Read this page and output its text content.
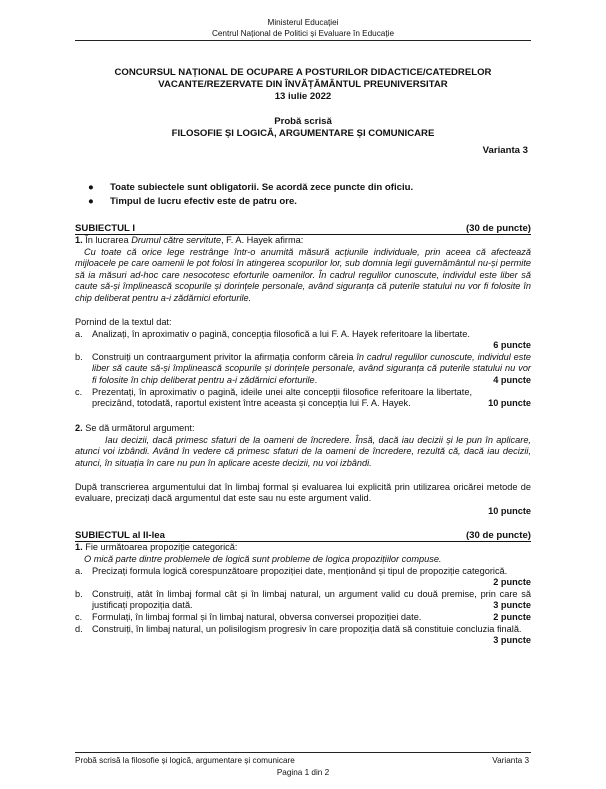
Ministerul Educației
Centrul Național de Politici și Evaluare în Educație
CONCURSUL NAȚIONAL DE OCUPARE A POSTURILOR DIDACTICE/CATEDRELOR
VACANTE/REZERVATE DIN ÎNVĂȚĂMÂNTUL PREUNIVERSITAR
13 iulie 2022
Probă scrisă
FILOSOFIE ȘI LOGICĂ, ARGUMENTARE ȘI COMUNICARE
Varianta 3
● Toate subiectele sunt obligatorii. Se acordă zece puncte din oficiu.
● Timpul de lucru efectiv este de patru ore.
SUBIECTUL I	(30 de puncte)
1. În lucrarea Drumul către servitute, F. A. Hayek afirma:
Cu toate că orice lege restrânge într-o anumită măsură acțiunile individuale, prin aceea că afectează mijloacele pe care oamenii le pot folosi în atingerea scopurilor lor, sub domnia legii guvernământul nu-și permite să ia măsuri ad-hoc care nesocotesc eforturile oamenilor. În cadrul regulilor cunoscute, individul este liber să caute să-și împlinească scopurile și dorințele personale, având siguranța că puterile statului nu vor fi folosite în chip deliberat pentru a-i zădărnici eforturile.
Pornind de la textul dat:
a. Analizați, în aproximativ o pagină, concepția filosofică a lui F. A. Hayek referitoare la libertate.
6 puncte
b. Construiți un contraargument privitor la afirmația conform căreia în cadrul regulilor cunoscute, individul este liber să caute să-și împlinească scopurile și dorințele personale, având siguranța că puterile statului nu vor fi folosite în chip deliberat pentru a-i zădărnici eforturile.	4 puncte
c. Prezentați, în aproximativ o pagină, ideile unei alte concepții filosofice referitoare la libertate, precizând, totodată, raportul existent între aceasta și concepția lui F. A. Hayek.	10 puncte
2. Se dă următorul argument:
Iau decizii, dacă primesc sfaturi de la oameni de încredere. Însă, dacă iau decizii și le pun în aplicare, atunci voi izbândi. Având în vedere că primesc sfaturi de la oameni de încredere, rezultă că, dacă iau decizii, atunci, în situația în care nu pun în aplicare aceste decizii, nu voi izbândi.
După transcrierea argumentului dat în limbaj formal și evaluarea lui explicită prin utilizarea oricărei metode de evaluare, precizați dacă argumentul dat este sau nu este argument valid.
10 puncte
SUBIECTUL al II-lea	(30 de puncte)
1. Fie următoarea propoziție categorică:
O mică parte dintre problemele de logică sunt probleme de logica propozițiilor compuse.
a. Precizați formula logică corespunzătoare propoziției date, menționând și tipul de propoziție categorică.
2 puncte
b. Construiți, atât în limbaj formal cât și în limbaj natural, un argument valid cu două premise, prin care să justificați propoziția dată.	3 puncte
c. Formulați, în limbaj formal și în limbaj natural, obversa conversei propoziției date.	2 puncte
d. Construiți, în limbaj natural, un polisilogism progresiv în care propoziția dată să constituie concluzia finală.
3 puncte
Probă scrisă la filosofie și logică, argumentare și comunicare	Varianta 3
Pagina 1 din 2
